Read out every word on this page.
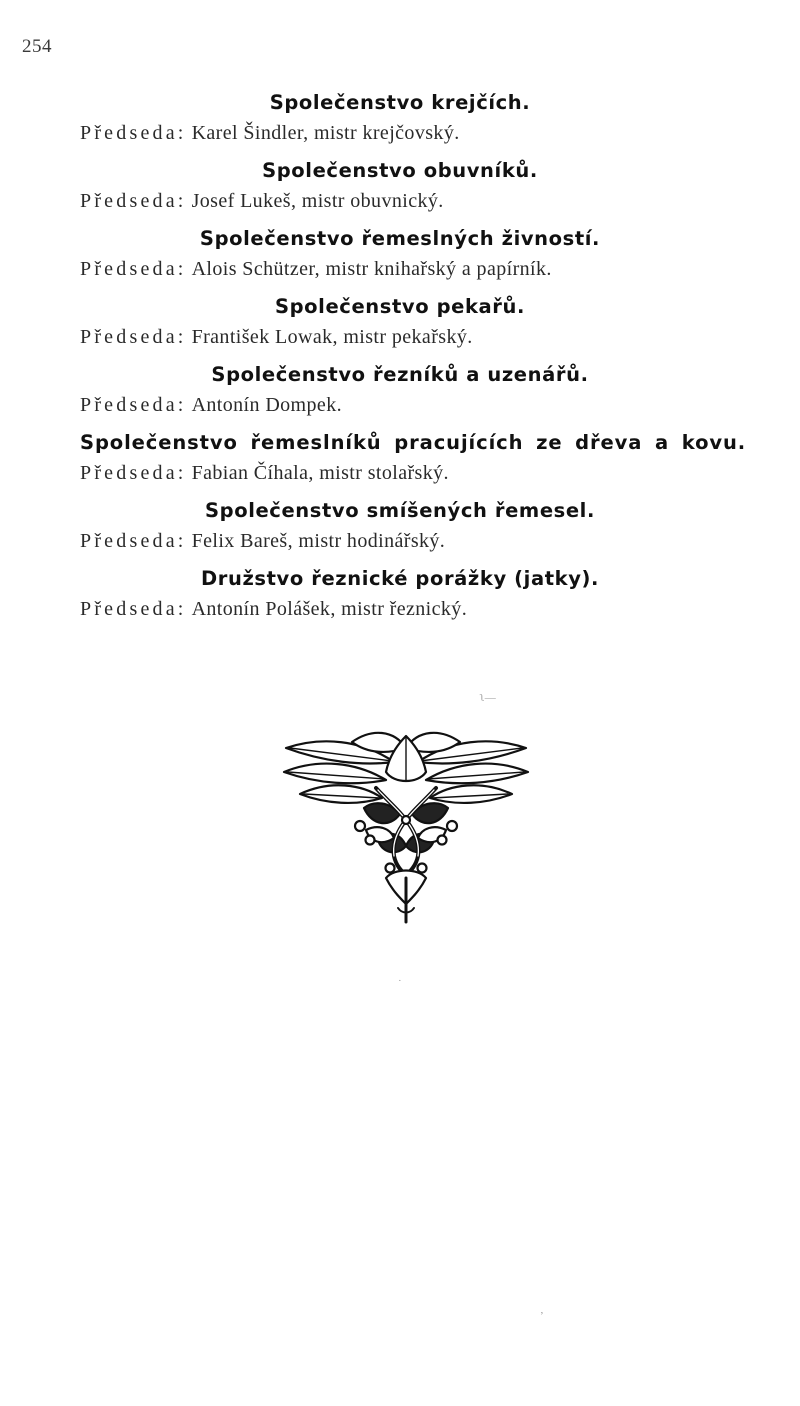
254
Společenstvo krejčích.
Předseda: Karel Šindler, mistr krejčovský.
Společenstvo obuvníků.
Předseda: Josef Lukeš, mistr obuvnický.
Společenstvo řemeslných živností.
Předseda: Alois Schützer, mistr knihařský a papírník.
Společenstvo pekařů.
Předseda: František Lowak, mistr pekařský.
Společenstvo řezníků a uzenářů.
Předseda: Antonín Dompek.
Společenstvo řemeslníků pracujících ze dřeva a kovu.
Předseda: Fabian Číhala, mistr stolařský.
Společenstvo smíšených řemesel.
Předseda: Felix Bareš, mistr hodinářský.
Družstvo řeznické porážky (jatky).
Předseda: Antonín Polášek, mistr řeznický.
ʅ—
˙
ʼ
